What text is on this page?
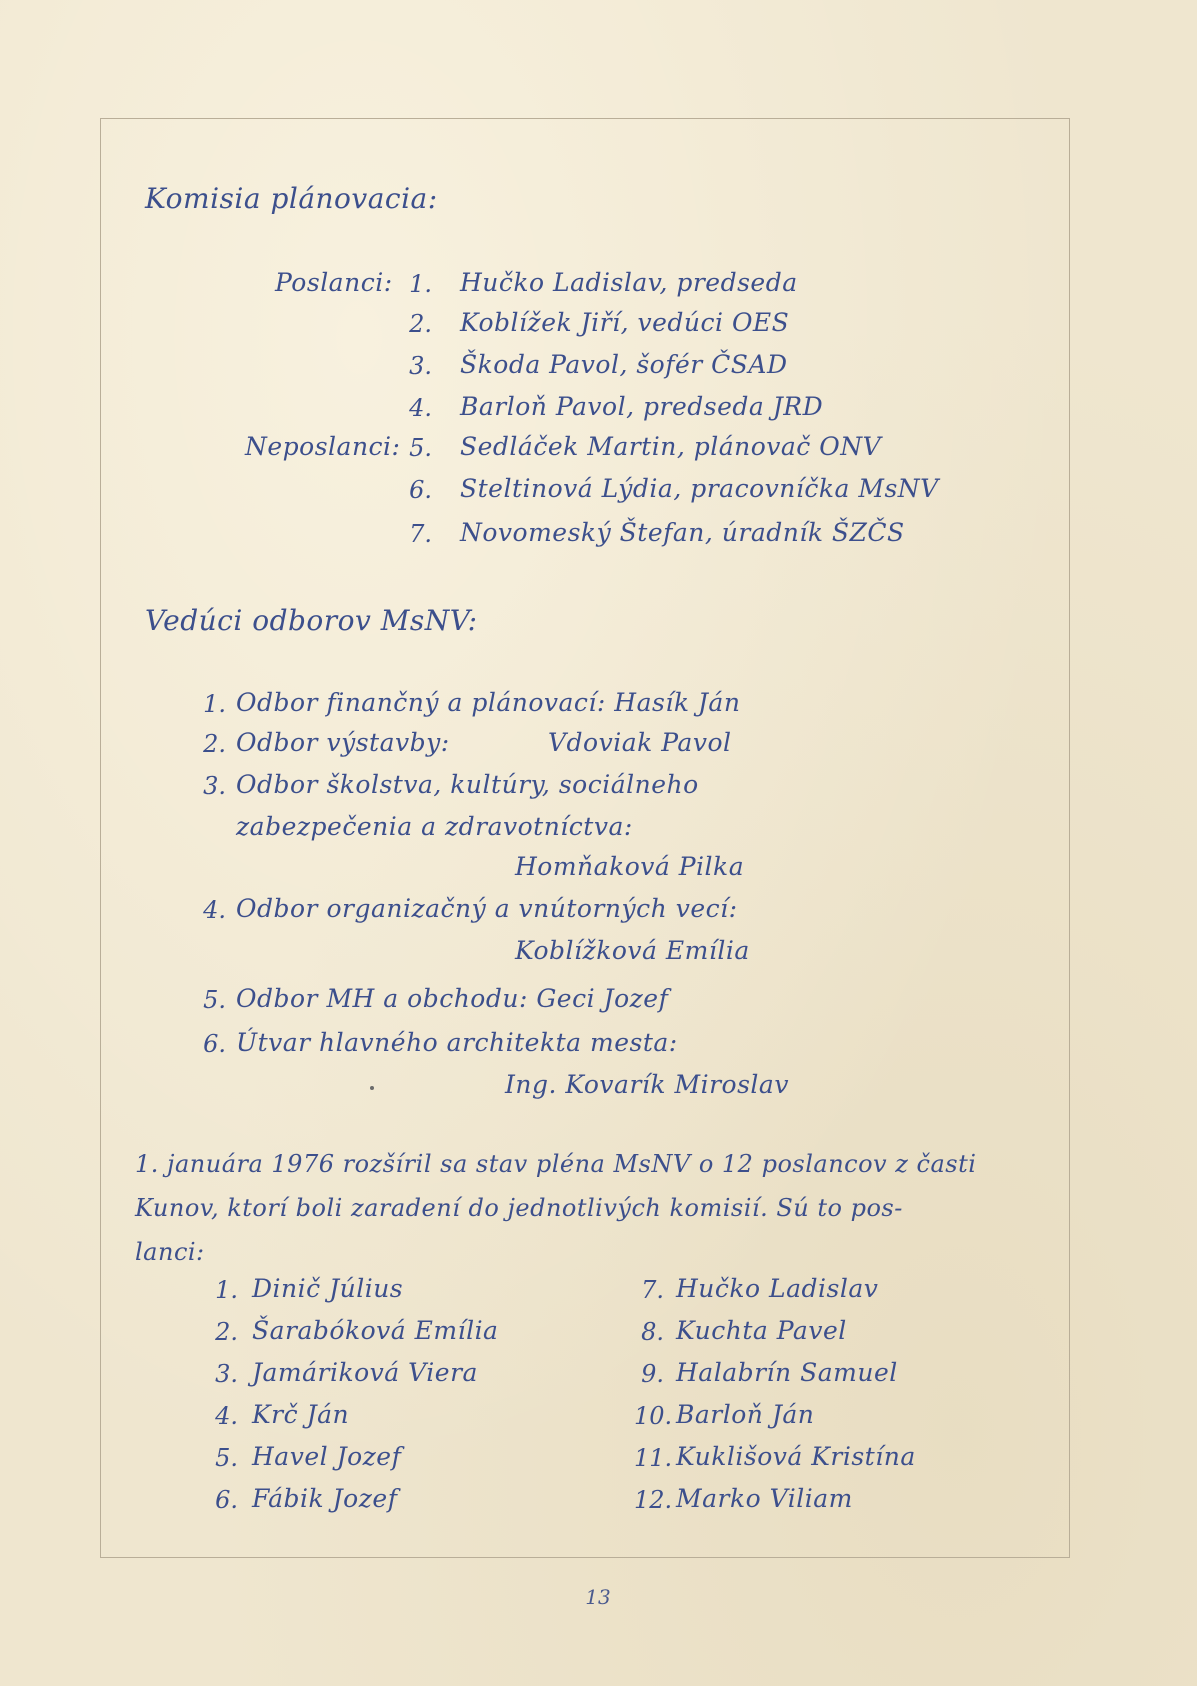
Komisia plánovacia:
Poslanci:
Neposlanci:
1. Hučko Ladislav, predseda
2. Koblížek Jiří, vedúci OES
3. Škoda Pavol, šofér ČSAD
4. Barloň Pavol, predseda JRD
5. Sedláček Martin, plánovač ONV
6. Steltinová Lýdia, pracovníčka MsNV
7. Novomeský Štefan, úradník ŠZČS
Vedúci odborov MsNV:
1. Odbor finančný a plánovací: Hasík Ján
2. Odbor výstavby:	Vdoviak Pavol
3. Odbor školstva, kultúry, sociálneho
zabezpečenia a zdravotníctva:
Homňaková Pilka
4. Odbor organizačný a vnútorných vecí:
Koblížková Emília
5. Odbor MH a obchodu: Geci Jozef
6. Útvar hlavného architekta mesta:
Ing. Kovarík Miroslav
1. januára 1976 rozšíril sa stav pléna MsNV o 12 poslancov z časti
Kunov, ktorí boli zaradení do jednotlivých komisií. Sú to pos-
lanci:
1. Dinič Július
2. Šarabóková Emília
3. Jamáriková Viera
4. Krč Ján
5. Havel Jozef
6. Fábik Jozef
7. Hučko Ladislav
8. Kuchta Pavel
9. Halabrín Samuel
10. Barloň Ján
11. Kuklišová Kristína
12. Marko Viliam
13
